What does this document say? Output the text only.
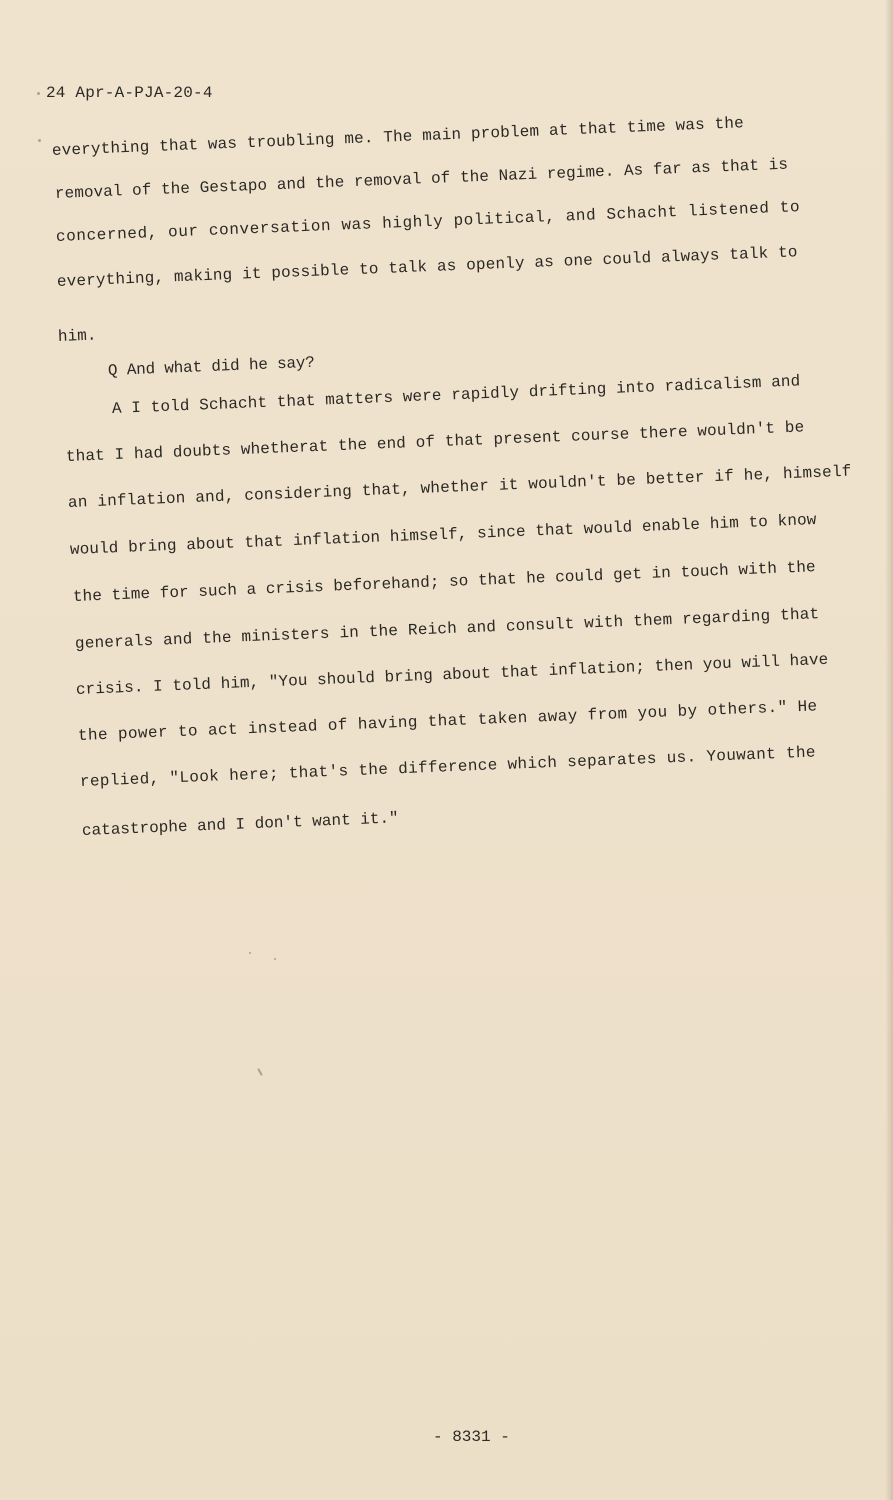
24 Apr-A-PJA-20-4
everything that was troubling me. The main problem at that time was the
removal of the Gestapo and the removal of the Nazi regime. As far as that is
concerned, our conversation was highly political, and Schacht listened to
everything, making it possible to talk as openly as one could always talk to
him.
Q And what did he say?
A I told Schacht that matters were rapidly drifting into radicalism and
that I had doubts whetherat the end of that present course there wouldn't be
an inflation and, considering that, whether it wouldn't be better if he, himself
would bring about that inflation himself, since that would enable him to know
the time for such a crisis beforehand; so that he could get in touch with the
generals and the ministers in the Reich and consult with them regarding that
crisis. I told him, "You should bring about that inflation; then you will have
the power to act instead of having that taken away from you by others." He
replied, "Look here; that's the difference which separates us. Youwant the
catastrophe and I don't want it."
- 8331 -
